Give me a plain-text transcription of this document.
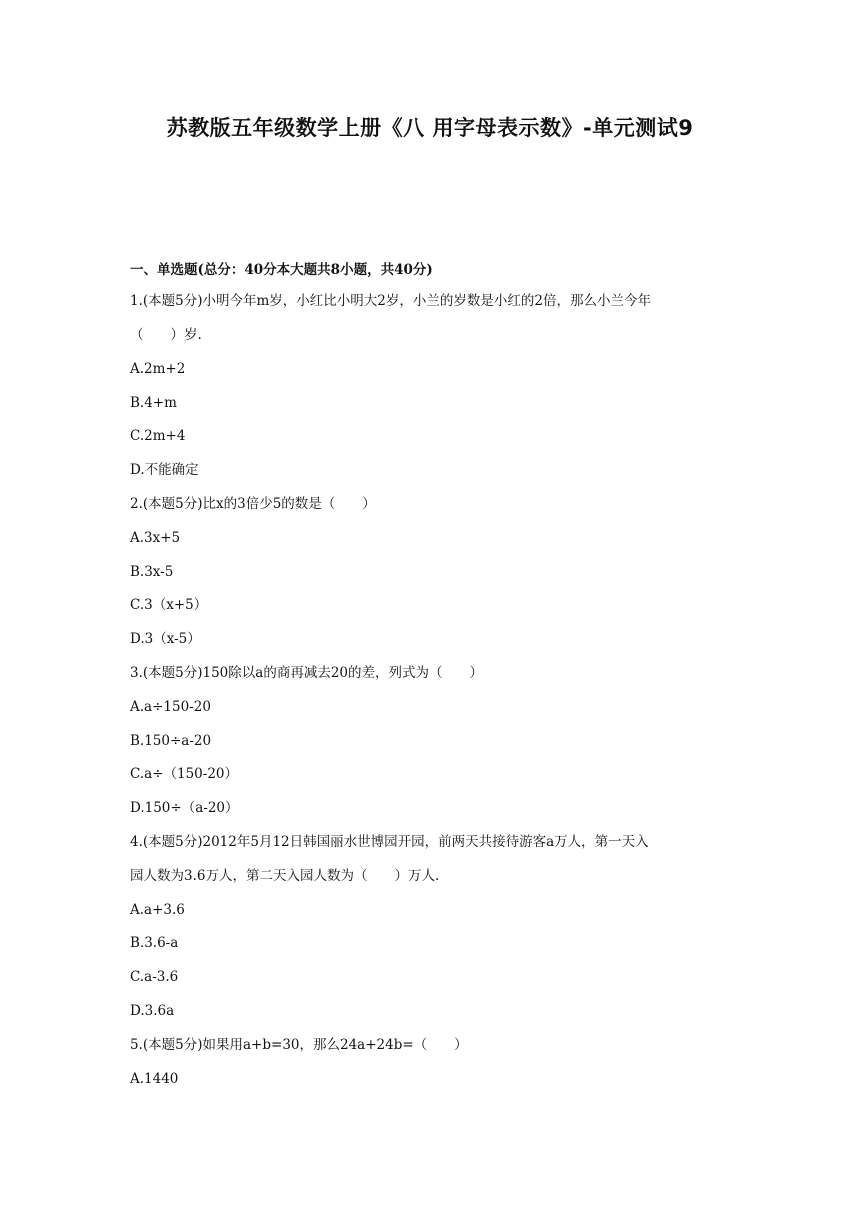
苏教版五年级数学上册《八 用字母表示数》-单元测试9
一、单选题(总分：40分本大题共8小题，共40分)
1.(本题5分)小明今年m岁，小红比小明大2岁，小兰的岁数是小红的2倍，那么小兰今年
（　　）岁.
A.2m+2
B.4+m
C.2m+4
D.不能确定
2.(本题5分)比x的3倍少5的数是（　　）
A.3x+5
B.3x-5
C.3（x+5）
D.3（x-5）
3.(本题5分)150除以a的商再减去20的差，列式为（　　）
A.a÷150-20
B.150÷a-20
C.a÷（150-20）
D.150÷（a-20）
4.(本题5分)2012年5月12日韩国丽水世博园开园，前两天共接待游客a万人，第一天入
园人数为3.6万人，第二天入园人数为（　　）万人.
A.a+3.6
B.3.6-a
C.a-3.6
D.3.6a
5.(本题5分)如果用a+b=30，那么24a+24b=（　　）
A.1440
